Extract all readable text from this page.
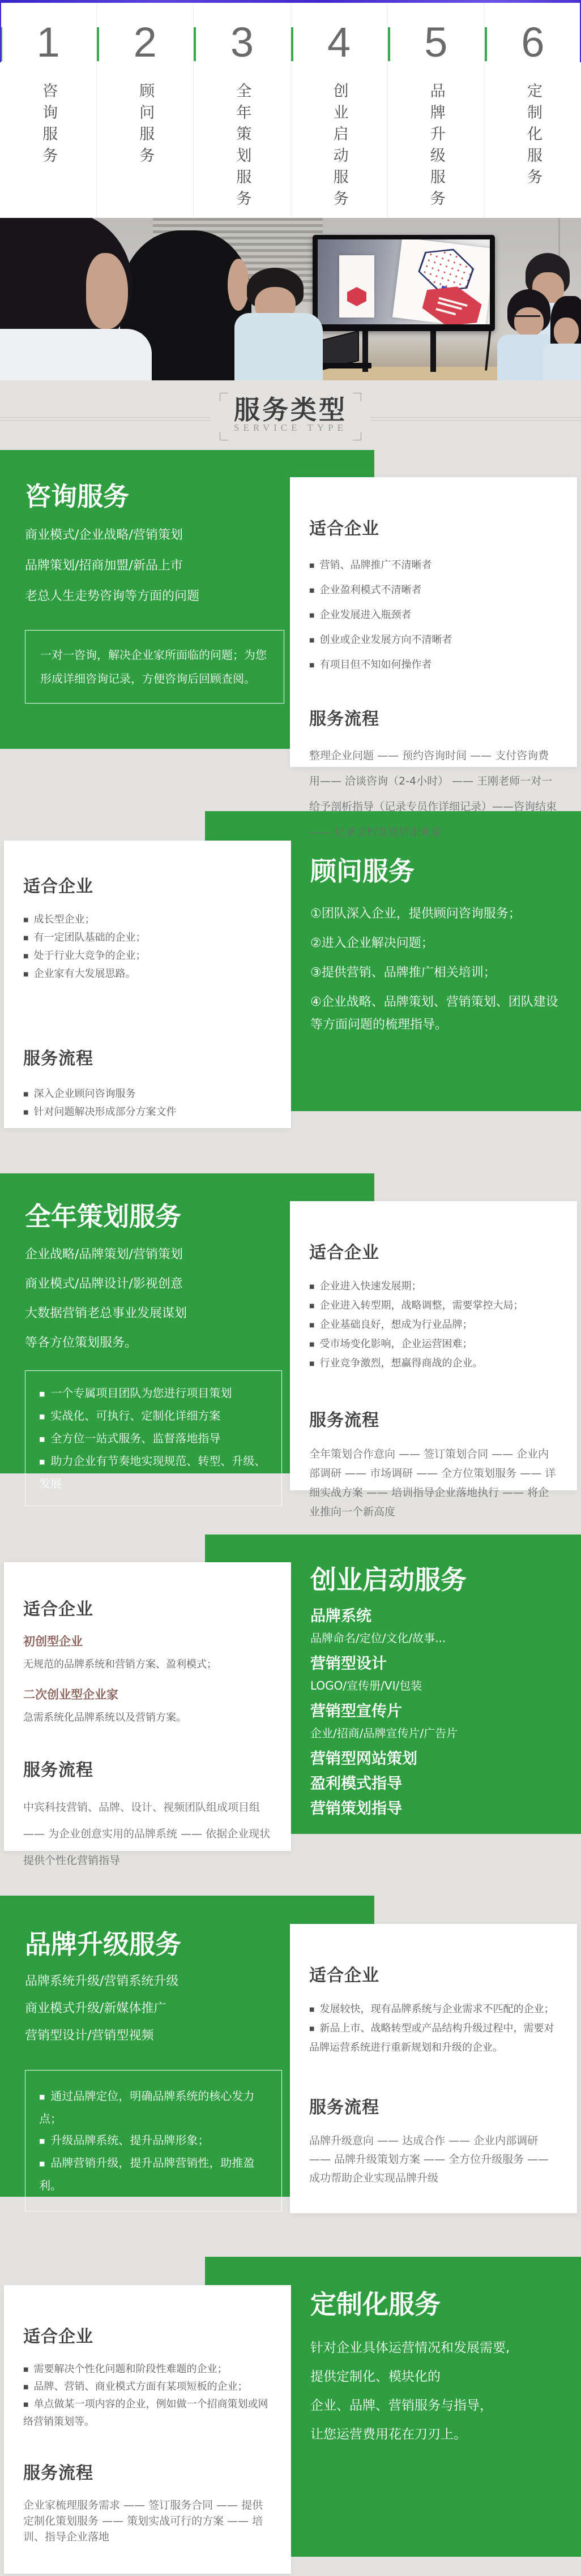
1
咨询服务
2
顾问服务
3
全年策划服务
4
创业启动服务
5
品牌升级服务
6
定制化服务
服务类型
SERVICE TYPE
咨询服务
商业模式/企业战略/营销策划
品牌策划/招商加盟/新品上市
老总人生走势咨询等方面的问题
一对一咨询，解决企业家所面临的问题；为您形成详细咨询记录，方便咨询后回顾查阅。
适合企业
■ 营销、品牌推广不清晰者
■ 企业盈利模式不清晰者
■ 企业发展进入瓶颈者
■ 创业或企业发展方向不清晰者
■ 有项目但不知如何操作者
服务流程

整理企业问题 —— 预约咨询时间 —— 支付咨询费用—— 洽谈咨询（2-4小时） —— 王刚老师一对一给予剖析指导（记录专员作详细记录）——咨询结束 —— 记录文档发送给企业家

顾问服务
①团队深入企业，提供顾问咨询服务；
②进入企业解决问题；
③提供营销、品牌推广相关培训；
④企业战略、品牌策划、营销策划、团队建设等方面问题的梳理指导。
适合企业
■ 成长型企业；
■ 有一定团队基础的企业；
■ 处于行业大竞争的企业；
■ 企业家有大发展思路。
服务流程
■ 深入企业顾问咨询服务
■ 针对问题解决形成部分方案文件
全年策划服务
企业战略/品牌策划/营销策划
商业模式/品牌设计/影视创意
大数据营销老总事业发展谋划
等各方位策划服务。
■ 一个专属项目团队为您进行项目策划
■ 实战化、可执行、定制化详细方案
■ 全方位一站式服务、监督落地指导
■ 助力企业有节奏地实现规范、转型、升级、发展
适合企业
■ 企业进入快速发展期；
■ 企业进入转型期，战略调整，需要掌控大局；
■ 企业基础良好，想成为行业品牌；
■ 受市场变化影响，企业运营困难；
■ 行业竞争激烈，想赢得商战的企业。
服务流程

全年策划合作意向 —— 签订策划合同 —— 企业内部调研 —— 市场调研 —— 全方位策划服务 —— 详细实战方案 —— 培训指导企业落地执行 —— 将企业推向一个新高度

创业启动服务
品牌系统
品牌命名/定位/文化/故事...
营销型设计
LOGO/宣传册/VI/包装
营销型宣传片
企业/招商/品牌宣传片/广告片
营销型网站策划
盈利模式指导
营销策划指导
适合企业
初创型企业
无规范的品牌系统和营销方案、盈利模式；
二次创业型企业家
急需系统化品牌系统以及营销方案。
服务流程

中宾科技营销、品牌、设计、视频团队组成项目组 —— 为企业创意实用的品牌系统 —— 依据企业现状提供个性化营销指导

品牌升级服务
品牌系统升级/营销系统升级
商业模式升级/新媒体推广
营销型设计/营销型视频
■ 通过品牌定位，明确品牌系统的核心发力点；
■ 升级品牌系统、提升品牌形象；
■ 品牌营销升级，提升品牌营销性，助推盈利。
适合企业
■ 发展较快，现有品牌系统与企业需求不匹配的企业；
■ 新品上市、战略转型或产品结构升级过程中，需要对品牌运营系统进行重新规划和升级的企业。
服务流程

品牌升级意向 —— 达成合作 —— 企业内部调研 —— 品牌升级策划方案 —— 全方位升级服务 —— 成功帮助企业实现品牌升级

定制化服务
针对企业具体运营情况和发展需要,
提供定制化、模块化的
企业、品牌、营销服务与指导，
让您运营费用花在刀刃上。
适合企业
■ 需要解决个性化问题和阶段性难题的企业；
■ 品牌、营销、商业模式方面有某项短板的企业；
■ 单点做某一项内容的企业，例如做一个招商策划或网络营销策划等。
服务流程

企业家梳理服务需求 —— 签订服务合同 —— 提供定制化策划服务 —— 策划实战可行的方案 —— 培训、指导企业落地
